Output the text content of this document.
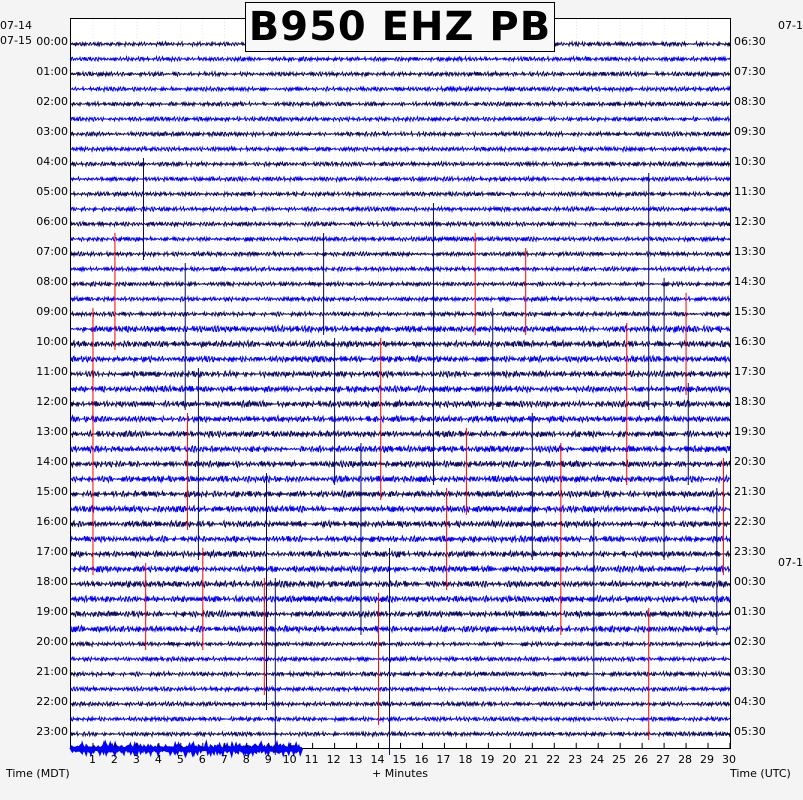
B950 EHZ PB
07-14
07-15
07-1
07-1
Time (MDT)	+ Minutes	Time (UTC)
00:00
01:00
02:00
03:00
04:00
05:00
06:00
07:00
08:00
09:00
10:00
11:00
12:00
13:00
14:00
15:00
16:00
17:00
18:00
19:00
20:00
21:00
22:00
23:00
06:30
07:30
08:30
09:30
10:30
11:30
12:30
13:30
14:30
15:30
16:30
17:30
18:30
19:30
20:30
21:30
22:30
23:30
00:30
01:30
02:30
03:30
04:30
05:30
1 2 3 4 5 6 7 8 9 10 11 12 13 14 15 16 17 18 19 20 21 22 23 24 25 26 27 28 29 30
